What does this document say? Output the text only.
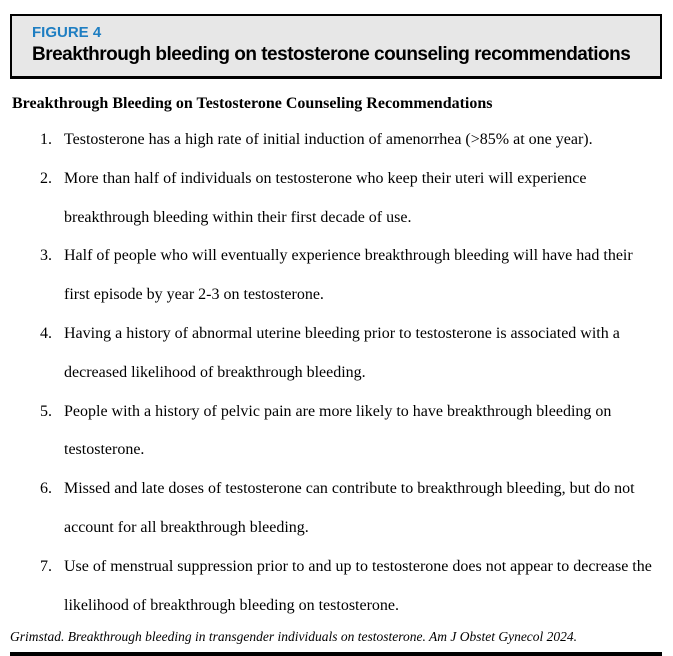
FIGURE 4
Breakthrough bleeding on testosterone counseling recommendations
Breakthrough Bleeding on Testosterone Counseling Recommendations
1. Testosterone has a high rate of initial induction of amenorrhea (>85% at one year).
2. More than half of individuals on testosterone who keep their uteri will experience breakthrough bleeding within their first decade of use.
3. Half of people who will eventually experience breakthrough bleeding will have had their first episode by year 2-3 on testosterone.
4. Having a history of abnormal uterine bleeding prior to testosterone is associated with a decreased likelihood of breakthrough bleeding.
5. People with a history of pelvic pain are more likely to have breakthrough bleeding on testosterone.
6. Missed and late doses of testosterone can contribute to breakthrough bleeding, but do not account for all breakthrough bleeding.
7. Use of menstrual suppression prior to and up to testosterone does not appear to decrease the likelihood of breakthrough bleeding on testosterone.
Grimstad. Breakthrough bleeding in transgender individuals on testosterone. Am J Obstet Gynecol 2024.
